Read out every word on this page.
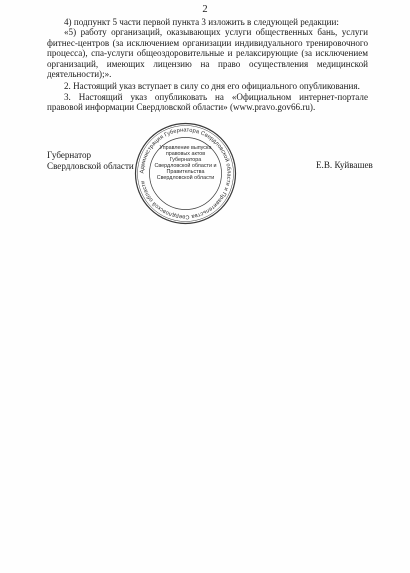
2

4) подпункт 5 части первой пункта 3 изложить в следующей редакции:

«5) работу организаций, оказывающих услуги общественных бань, услуги фитнес-центров (за исключением организации индивидуального тренировочного процесса), спа-услуги общеоздоровительные и релаксирующие (за исключением организаций, имеющих лицензию на право осуществления медицинской деятельности);».

2. Настоящий указ вступает в силу со дня его официального опубликования.

3. Настоящий указ опубликовать на «Официальном интернет-портале правовой информации Свердловской области» (www.pravo.gov66.ru).

Губернатор
Свердловской области	Е.В. Куйвашев
Администрация Губернатора Свердловской области и Правительства Свердловской области
Управление выпуска правовых актов Губернатора Свердловской области и Правительства Свердловской области
